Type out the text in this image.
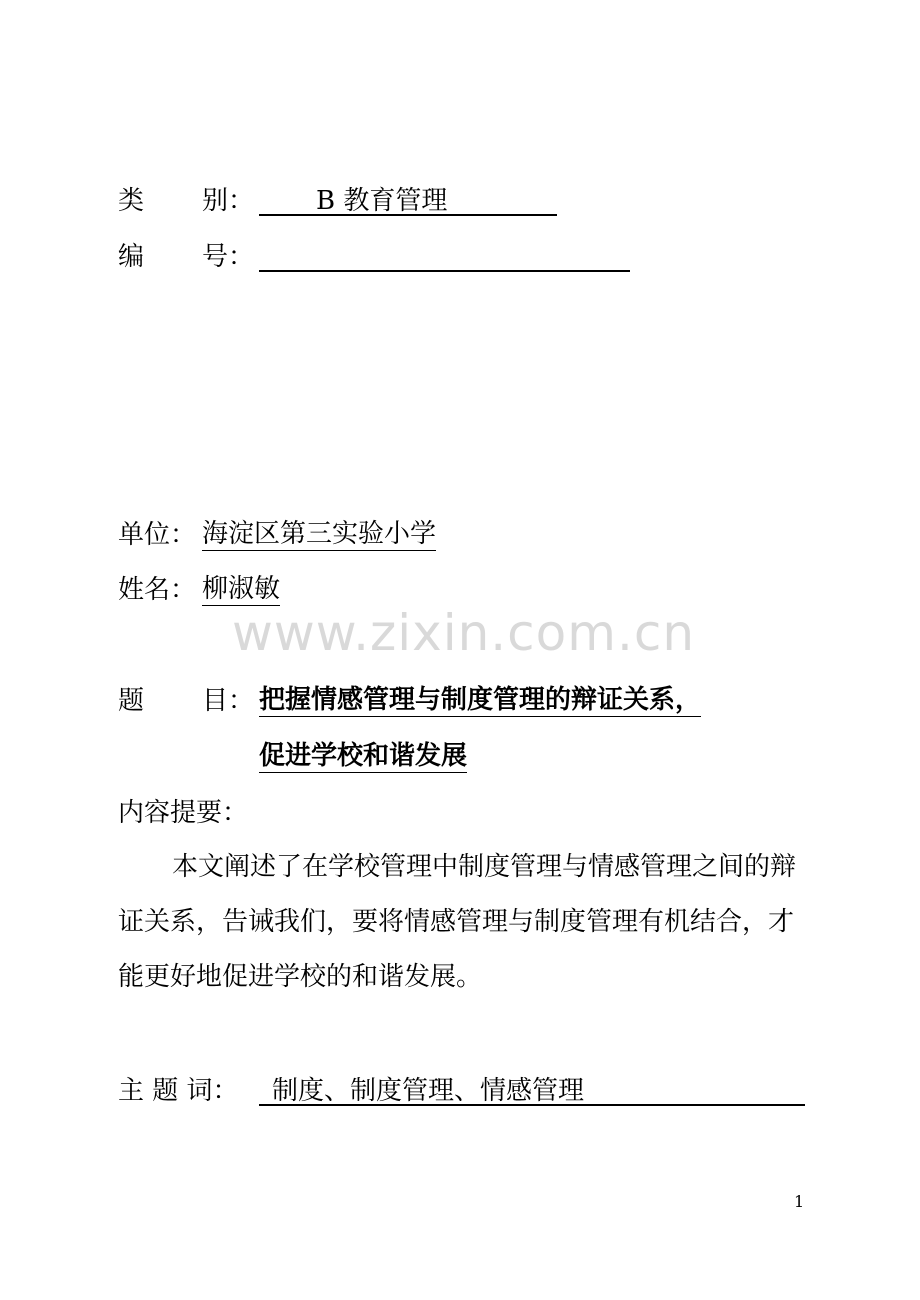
类 别： B 教育管理
编 号：
单位： 海淀区第三实验小学
姓名： 柳淑敏
www.zixin.com.cn
题 目： 把握情感管理与制度管理的辩证关系，
促进学校和谐发展
内容提要：
本文阐述了在学校管理中制度管理与情感管理之间的辩证关系，告诫我们，要将情感管理与制度管理有机结合，才能更好地促进学校的和谐发展。
主 题 词： 制度、制度管理、情感管理
1
